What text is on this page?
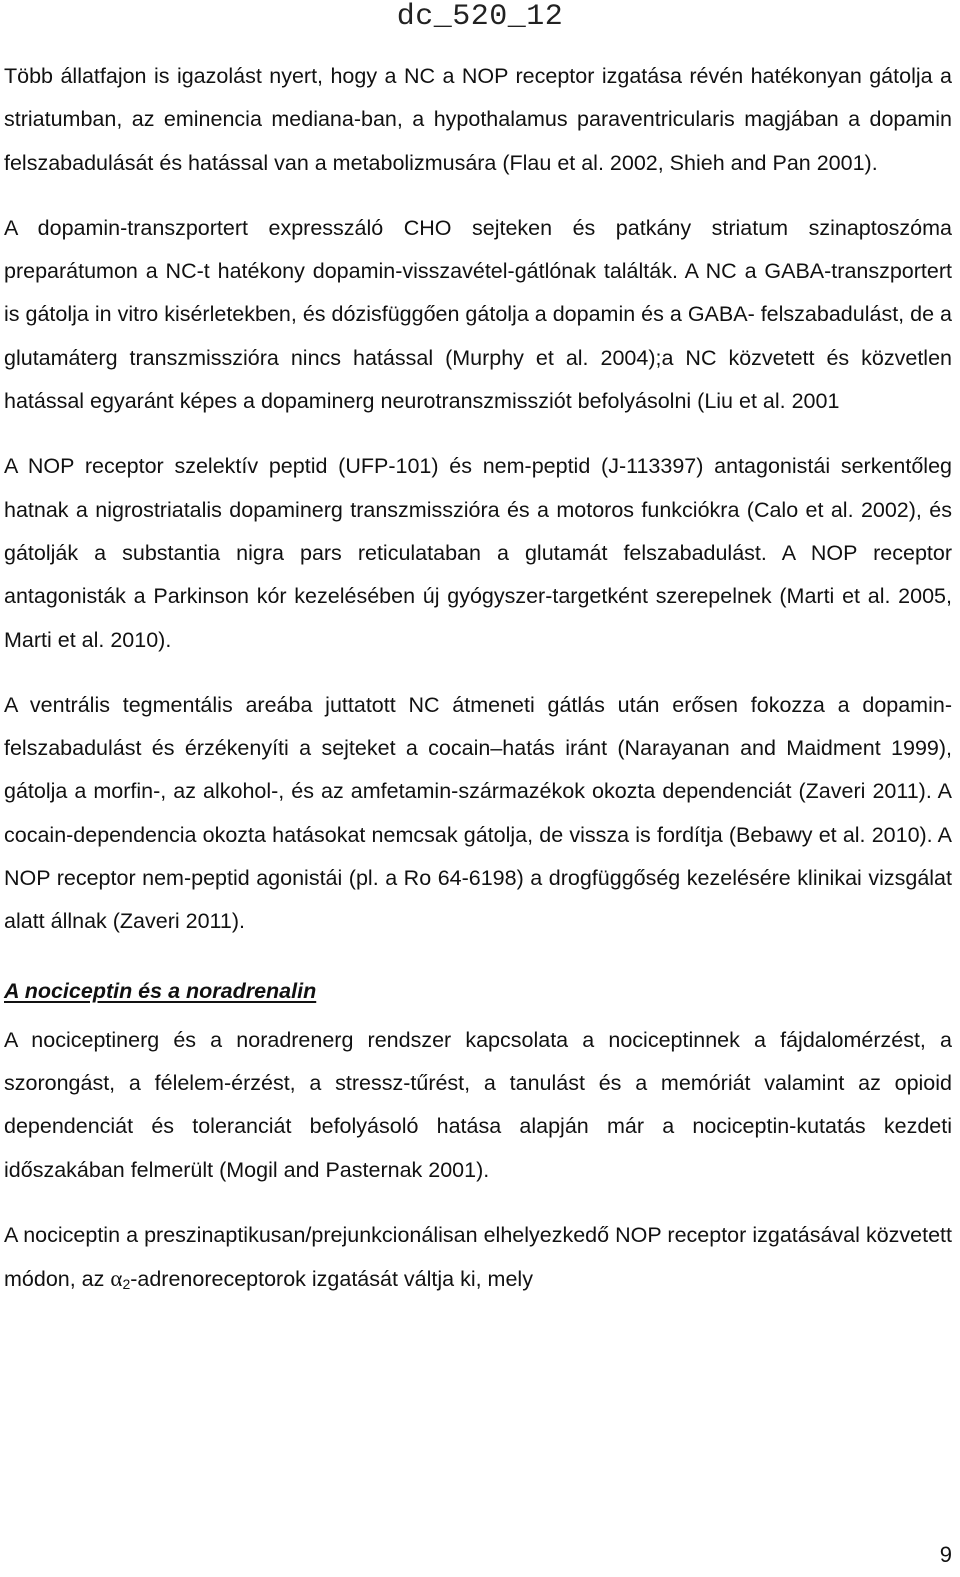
dc_520_12

Több állatfajon is igazolást nyert, hogy a NC a NOP receptor izgatása révén hatékonyan gátolja a striatumban, az eminencia mediana-ban, a hypothalamus paraventricularis magjában a dopamin felszabadulását és hatással van a metabolizmusára (Flau et al. 2002, Shieh and Pan 2001).

A dopamin-transzportert expresszáló CHO sejteken és patkány striatum szinaptoszóma preparátumon a NC-t hatékony dopamin-visszavétel-gátlónak találták. A NC a GABA-transzportert is gátolja in vitro kisérletekben, és dózisfüggően gátolja a dopamin és a GABA- felszabadulást, de a glutamáterg transzmisszióra nincs hatással (Murphy et al. 2004);a NC közvetett és közvetlen hatással egyaránt képes a dopaminerg neurotranszmissziót befolyásolni (Liu et al. 2001

A NOP receptor szelektív peptid (UFP-101) és nem-peptid (J-113397) antagonistái serkentőleg hatnak a nigrostriatalis dopaminerg transzmisszióra és a motoros funkciókra (Calo et al. 2002), és gátolják a substantia nigra pars reticulataban a glutamát felszabadulást. A NOP receptor antagonisták a Parkinson kór kezelésében új gyógyszer-targetként szerepelnek (Marti et al. 2005, Marti et al. 2010).

A ventrális tegmentális areába juttatott NC átmeneti gátlás után erősen fokozza a dopamin-felszabadulást és érzékenyíti a sejteket a cocain–hatás iránt (Narayanan and Maidment 1999), gátolja a morfin-, az alkohol-, és az amfetamin-származékok okozta dependenciát (Zaveri 2011). A cocain-dependencia okozta hatásokat nemcsak gátolja, de vissza is fordítja (Bebawy et al. 2010). A NOP receptor nem-peptid agonistái (pl. a Ro 64-6198) a drogfüggőség kezelésére klinikai vizsgálat alatt állnak (Zaveri 2011).

A nociceptin és a noradrenalin

A nociceptinerg és a noradrenerg rendszer kapcsolata a nociceptinnek a fájdalomérzést, a szorongást, a félelem-érzést, a stressz-tűrést, a tanulást és a memóriát valamint az opioid dependenciát és toleranciát befolyásoló hatása alapján már a nociceptin-kutatás kezdeti időszakában felmerült (Mogil and Pasternak 2001).

A nociceptin a preszinaptikusan/prejunkcionálisan elhelyezkedő NOP receptor izgatásával közvetett módon, az $\alpha_2$-adrenoreceptorok izgatását váltja ki, mely

9
